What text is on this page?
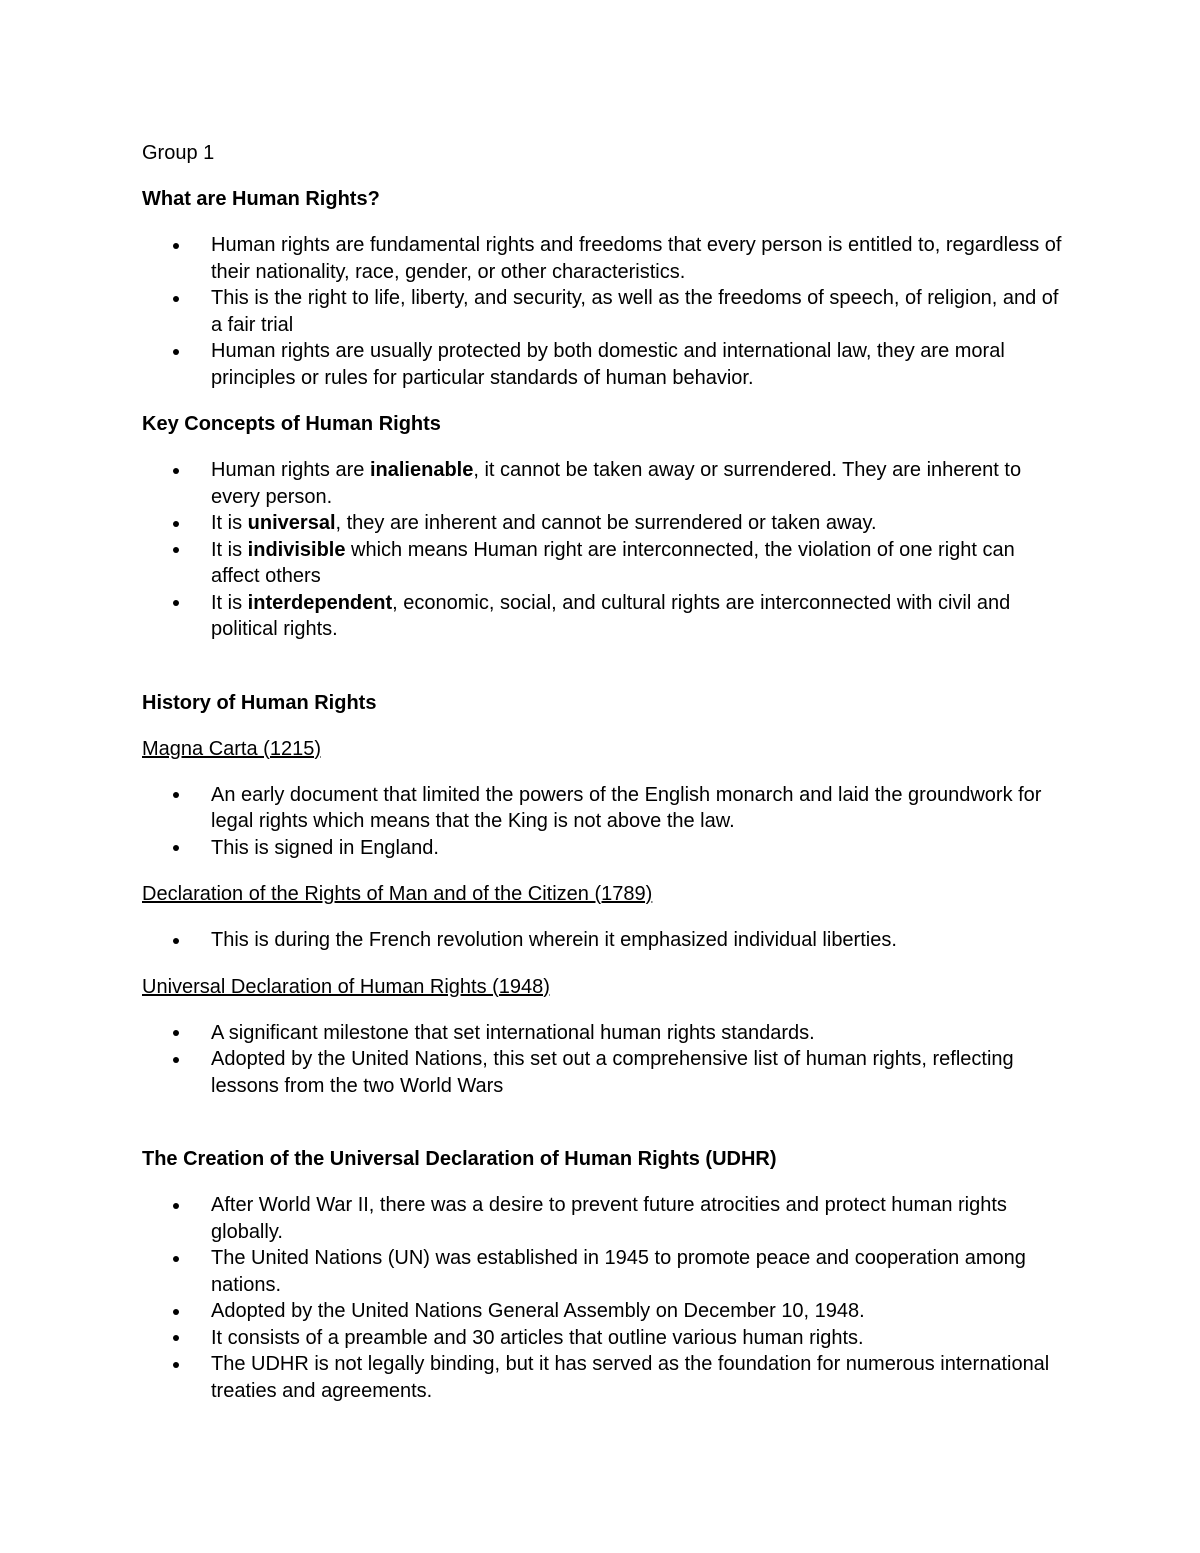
Group 1

What are Human Rights?

Human rights are fundamental rights and freedoms that every person is entitled to, regardless of their nationality, race, gender, or other characteristics.
This is the right to life, liberty, and security, as well as the freedoms of speech, of religion, and of a fair trial
Human rights are usually protected by both domestic and international law, they are moral principles or rules for particular standards of human behavior.

Key Concepts of Human Rights

Human rights are inalienable, it cannot be taken away or surrendered. They are inherent to every person.
It is universal, they are inherent and cannot be surrendered or taken away.
It is indivisible which means Human right are interconnected, the violation of one right can affect others
It is interdependent, economic, social, and cultural rights are interconnected with civil and political rights.

History of Human Rights

Magna Carta (1215)

An early document that limited the powers of the English monarch and laid the groundwork for legal rights which means that the King is not above the law.
This is signed in England.

Declaration of the Rights of Man and of the Citizen (1789)

This is during the French revolution wherein it emphasized individual liberties.

Universal Declaration of Human Rights (1948)

A significant milestone that set international human rights standards.
Adopted by the United Nations, this set out a comprehensive list of human rights, reflecting lessons from the two World Wars

The Creation of the Universal Declaration of Human Rights (UDHR)

After World War II, there was a desire to prevent future atrocities and protect human rights globally.
The United Nations (UN) was established in 1945 to promote peace and cooperation among nations.
Adopted by the United Nations General Assembly on December 10, 1948.
It consists of a preamble and 30 articles that outline various human rights.
The UDHR is not legally binding, but it has served as the foundation for numerous international treaties and agreements.
